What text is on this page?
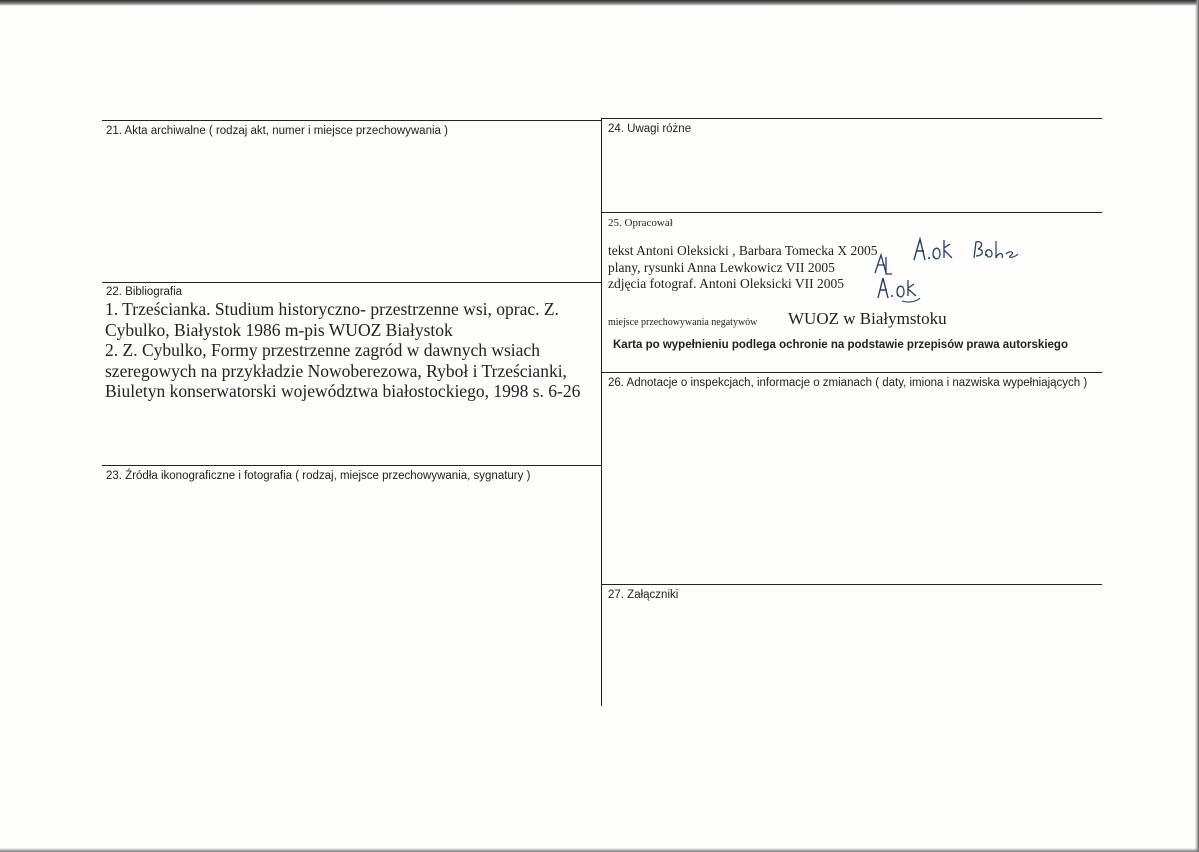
21. Akta archiwalne ( rodzaj akt, numer i miejsce przechowywania )
22. Bibliografia

1. Trześcianka. Studium historyczno- przestrzenne wsi, oprac. Z. Cybulko, Białystok 1986 m-pis WUOZ Białystok

2. Z. Cybulko, Formy przestrzenne zagród w dawnych wsiach szeregowych na przykładzie Nowoberezowa, Ryboł i Trześcianki, Biuletyn konserwatorski województwa białostockiego, 1998 s. 6-26

23. Źródła ikonograficzne i fotografia ( rodzaj, miejsce przechowywania, sygnatury )
24. Uwagi różne
25. Opracował
tekst Antoni Oleksicki , Barbara Tomecka X 2005
plany, rysunki Anna Lewkowicz VII 2005
zdjęcia fotograf. Antoni Oleksicki VII 2005
miejsce przechowywania negatywów WUOZ w Białymstoku
Karta po wypełnieniu podlega ochronie na podstawie przepisów prawa autorskiego
26. Adnotacje o inspekcjach, informacje o zmianach ( daty, imiona i nazwiska wypełniających )
27. Załączniki
